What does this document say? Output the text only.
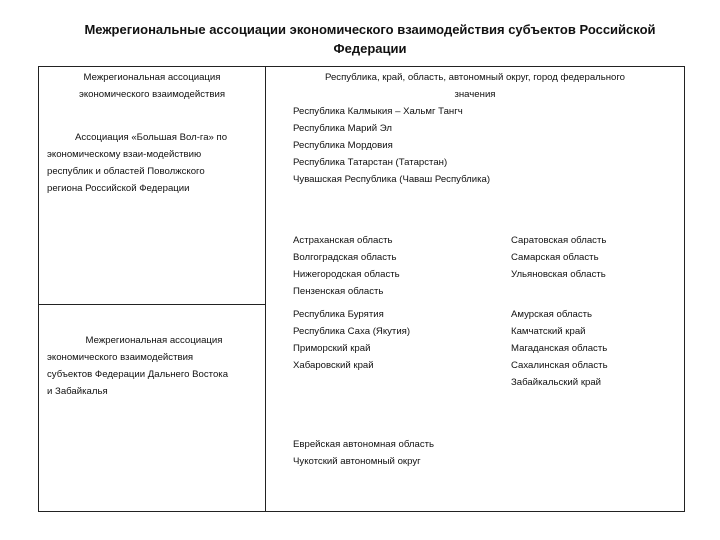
Межрегиональные ассоциации экономического взаимодействия субъектов Российской
Федерации
Межрегиональная ассоциация
экономического взаимодействия
Республика, край, область, автономный округ, город федерального
значения
Ассоциация «Большая Вол-га» по
экономическому взаи-модействию
республик и областей Поволжского
региона Российской Федерации
Республика Калмыкия – Хальмг Тангч
Республика Марий Эл
Республика Мордовия
Республика Татарстан (Татарстан)
Чувашская Республика (Чаваш Республика)
Астраханская область
Волгоградская область
Нижегородская область
Пензенская область
Саратовская область
Самарская область
Ульяновская область
Межрегиональная ассоциация
экономического взаимодействия
субъектов Федерации Дальнего Востока
и Забайкалья
Республика Бурятия
Республика Саха (Якутия)
Приморский край
Хабаровский край
Амурская область
Камчатский край
Магаданская область
Сахалинская область
Забайкальский край
Еврейская автономная область
Чукотский автономный округ
